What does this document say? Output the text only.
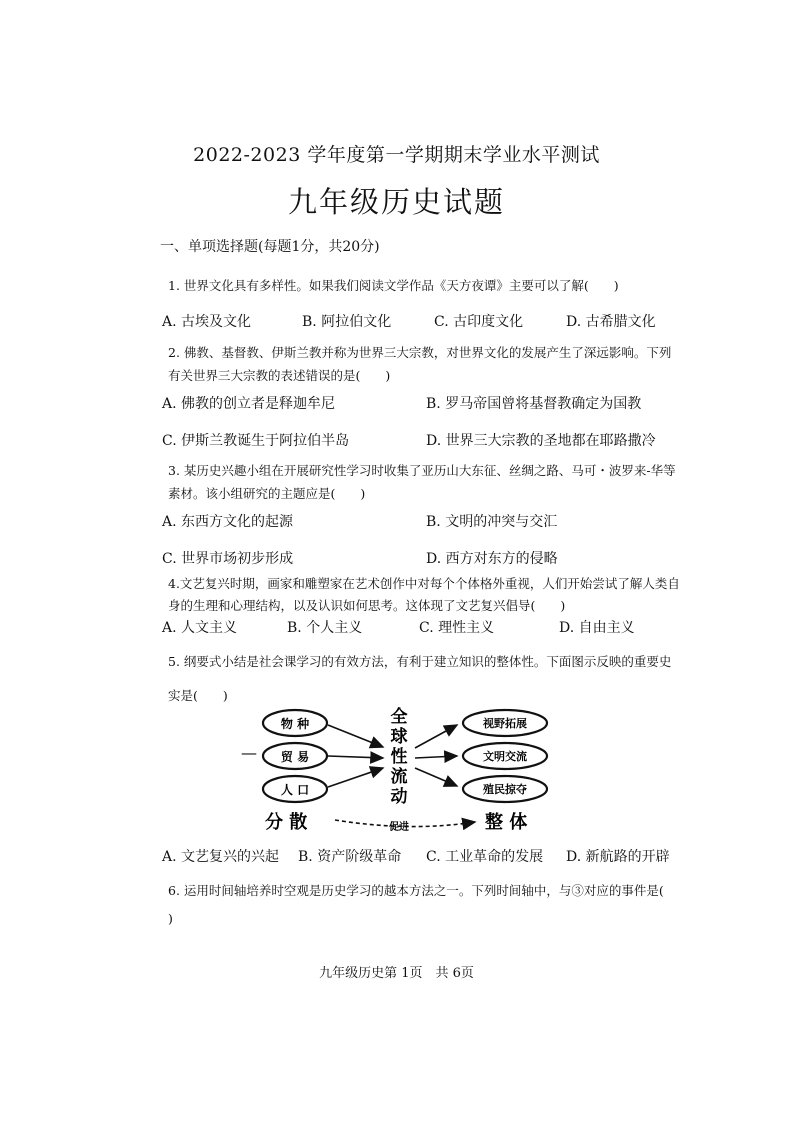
2022-2023 学年度第一学期期末学业水平测试
九年级历史试题
一、单项选择题(每题1分，共20分)
1. 世界文化具有多样性。如果我们阅读文学作品《天方夜谭》主要可以了解(　　)
A. 古埃及文化	B. 阿拉伯文化	C. 古印度文化	D. 古希腊文化
2. 佛教、基督教、伊斯兰教并称为世界三大宗教，对世界文化的发展产生了深远影响。下列
有关世界三大宗教的表述错误的是(　　)
A. 佛教的创立者是释迦牟尼	B. 罗马帝国曾将基督教确定为国教
C. 伊斯兰教诞生于阿拉伯半岛	D. 世界三大宗教的圣地都在耶路撒冷
3. 某历史兴趣小组在开展研究性学习时收集了亚历山大东征、丝绸之路、马可・波罗来-华等
素材。该小组研究的主题应是(　　)
A. 东西方文化的起源	B. 文明的冲突与交汇
C. 世界市场初步形成	D. 西方对东方的侵略
4.文艺复兴时期，画家和雕塑家在艺术创作中对每个个体格外重视，人们开始尝试了解人类自
身的生理和心理结构，以及认识如何思考。这体现了文艺复兴倡导(　　)
A. 人文主义	B. 个人主义	C. 理性主义	D. 自由主义
5. 纲要式小结是社会课学习的有效方法，有利于建立知识的整体性。下面图示反映的重要史
实是(　　)
—
物 种
贸 易
人 口
全
球
性
流
动
视野拓展
文明交流
殖民掠夺
分 散	促进	整 体
A. 文艺复兴的兴起 B. 资产阶级革命 C. 工业革命的发展 D. 新航路的开辟
6. 运用时间轴培养时空观是历史学习的越本方法之一。下列时间轴中，与③对应的事件是(
)
九年级历史第 1页　共 6页
